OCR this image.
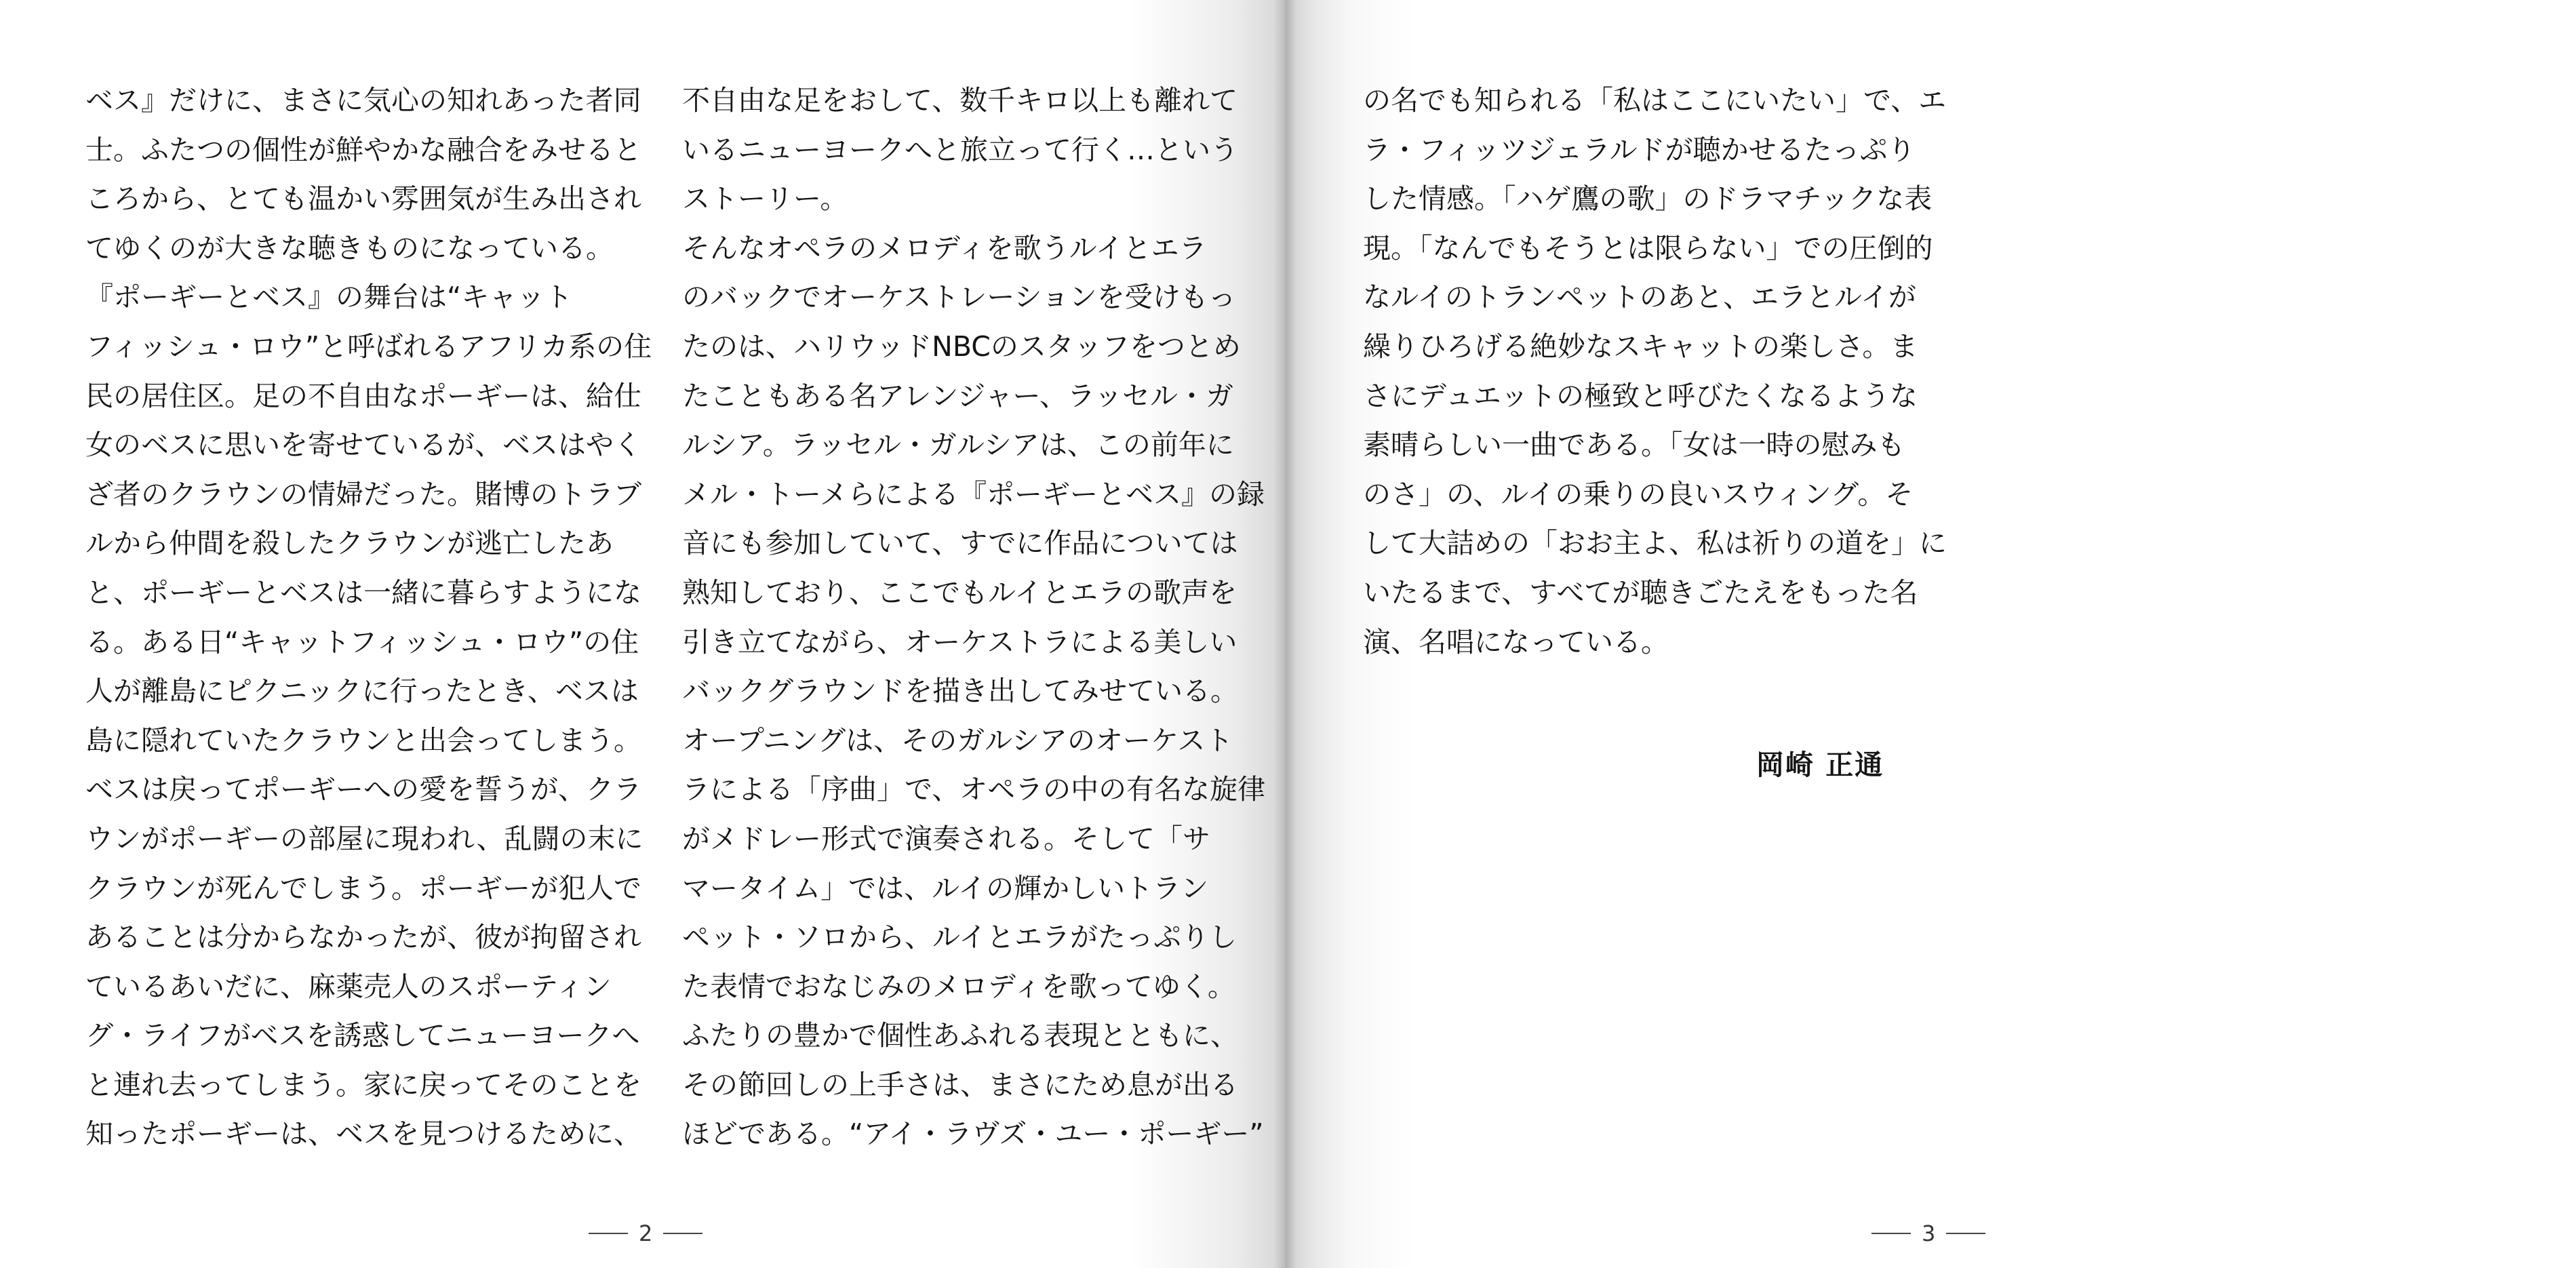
ベス』だけに、まさに気心の知れあった者同
士。ふたつの個性が鮮やかな融合をみせると
ころから、とても温かい雰囲気が生み出され
てゆくのが大きな聴きものになっている。
『ポーギーとベス』の舞台は“キャット
フィッシュ・ロウ”と呼ばれるアフリカ系の住
民の居住区。足の不自由なポーギーは、給仕
女のベスに思いを寄せているが、ベスはやく
ざ者のクラウンの情婦だった。賭博のトラブ
ルから仲間を殺したクラウンが逃亡したあ
と、ポーギーとベスは一緒に暮らすようにな
る。ある日“キャットフィッシュ・ロウ”の住
人が離島にピクニックに行ったとき、ベスは
島に隠れていたクラウンと出会ってしまう。
ベスは戻ってポーギーへの愛を誓うが、クラ
ウンがポーギーの部屋に現われ、乱闘の末に
クラウンが死んでしまう。ポーギーが犯人で
あることは分からなかったが、彼が拘留され
ているあいだに、麻薬売人のスポーティン
グ・ライフがベスを誘惑してニューヨークへ
と連れ去ってしまう。家に戻ってそのことを
知ったポーギーは、ベスを見つけるために、
不自由な足をおして、数千キロ以上も離れて
いるニューヨークへと旅立って行く…という
ストーリー。
そんなオペラのメロディを歌うルイとエラ
のバックでオーケストレーションを受けもっ
たのは、ハリウッドNBCのスタッフをつとめ
たこともある名アレンジャー、ラッセル・ガ
ルシア。ラッセル・ガルシアは、この前年に
メル・トーメらによる『ポーギーとベス』の録
音にも参加していて、すでに作品については
熟知しており、ここでもルイとエラの歌声を
引き立てながら、オーケストラによる美しい
バックグラウンドを描き出してみせている。
オープニングは、そのガルシアのオーケスト
ラによる「序曲」で、オペラの中の有名な旋律
がメドレー形式で演奏される。そして「サ
マータイム」では、ルイの輝かしいトラン
ペット・ソロから、ルイとエラがたっぷりし
た表情でおなじみのメロディを歌ってゆく。
ふたりの豊かで個性あふれる表現とともに、
その節回しの上手さは、まさにため息が出る
ほどである。“アイ・ラヴズ・ユー・ポーギー”
の名でも知られる「私はここにいたい」で、エ
ラ・フィッツジェラルドが聴かせるたっぷり
した情感。「ハゲ鷹の歌」のドラマチックな表
現。「なんでもそうとは限らない」での圧倒的
なルイのトランペットのあと、エラとルイが
繰りひろげる絶妙なスキャットの楽しさ。ま
さにデュエットの極致と呼びたくなるような
素晴らしい一曲である。「女は一時の慰みも
のさ」の、ルイの乗りの良いスウィング。そ
して大詰めの「おお主よ、私は祈りの道を」に
いたるまで、すべてが聴きごたえをもった名
演、名唱になっている。
岡崎 正通
2	3
